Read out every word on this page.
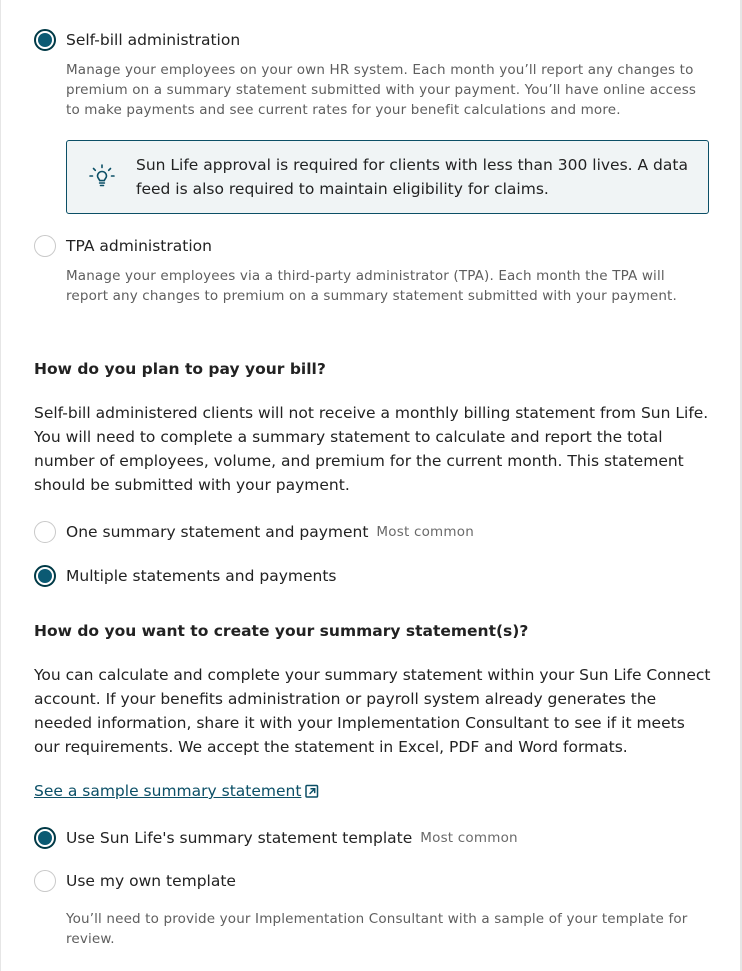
Self-bill administration
Manage your employees on your own HR system. Each month you’ll report any changes to premium on a summary statement submitted with your payment. You’ll have online access to make payments and see current rates for your benefit calculations and more.
Sun Life approval is required for clients with less than 300 lives. A data feed is also required to maintain eligibility for claims.
TPA administration
Manage your employees via a third-party administrator (TPA). Each month the TPA will report any changes to premium on a summary statement submitted with your payment.
How do you plan to pay your bill?
Self-bill administered clients will not receive a monthly billing statement from Sun Life. You will need to complete a summary statement to calculate and report the total number of employees, volume, and premium for the current month. This statement should be submitted with your payment.
One summary statement and payment Most common
Multiple statements and payments
How do you want to create your summary statement(s)?
You can calculate and complete your summary statement within your Sun Life Connect account. If your benefits administration or payroll system already generates the needed information, share it with your Implementation Consultant to see if it meets our requirements. We accept the statement in Excel, PDF and Word formats.
See a sample summary statement
Use Sun Life's summary statement template Most common
Use my own template
You’ll need to provide your Implementation Consultant with a sample of your template for review.
